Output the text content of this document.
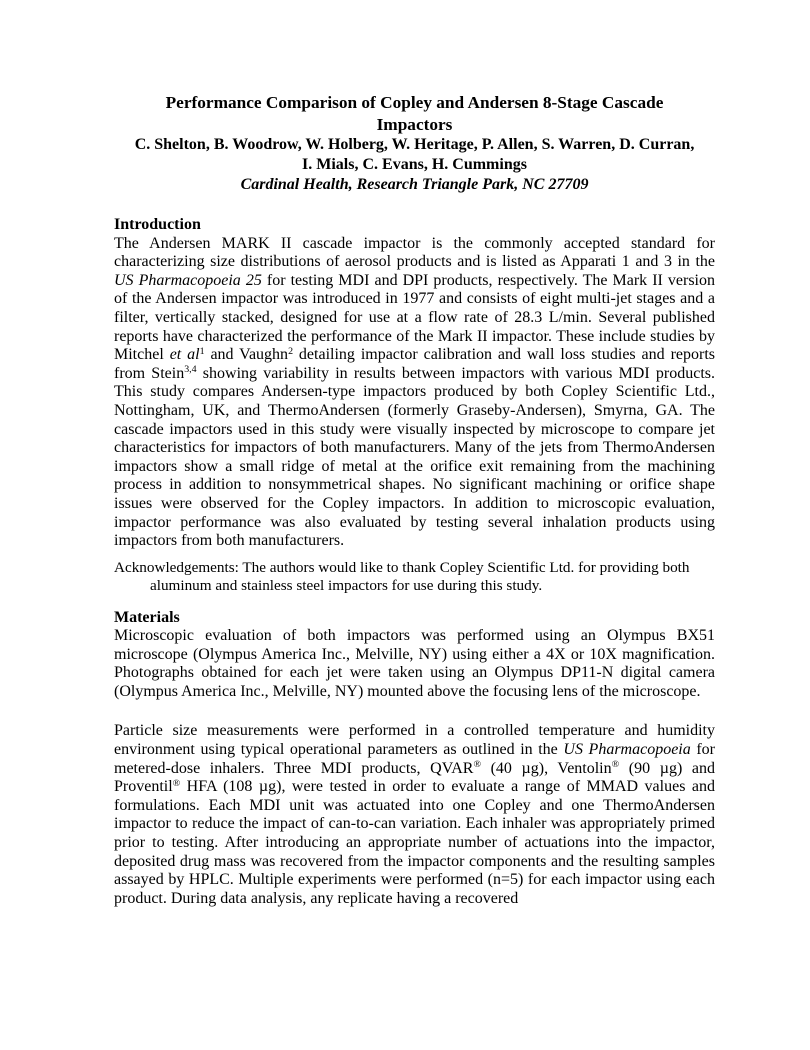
Performance Comparison of Copley and Andersen 8-Stage Cascade
Impactors
C. Shelton, B. Woodrow, W. Holberg, W. Heritage, P. Allen, S. Warren, D. Curran,
I. Mials, C. Evans, H. Cummings
Cardinal Health, Research Triangle Park, NC 27709
Introduction

The Andersen MARK II cascade impactor is the commonly accepted standard for characterizing size distributions of aerosol products and is listed as Apparati 1 and 3 in the US Pharmacopoeia 25 for testing MDI and DPI products, respectively. The Mark II version of the Andersen impactor was introduced in 1977 and consists of eight multi-jet stages and a filter, vertically stacked, designed for use at a flow rate of 28.3 L/min. Several published reports have characterized the performance of the Mark II impactor. These include studies by Mitchel et $al^1$ and Vaughn$^2$ detailing impactor calibration and wall loss studies and reports from Stein$^{3,4}$ showing variability in results between impactors with various MDI products. This study compares Andersen-type impactors produced by both Copley Scientific Ltd., Nottingham, UK, and ThermoAndersen (formerly Graseby-Andersen), Smyrna, GA. The cascade impactors used in this study were visually inspected by microscope to compare jet characteristics for impactors of both manufacturers. Many of the jets from ThermoAndersen impactors show a small ridge of metal at the orifice exit remaining from the machining process in addition to nonsymmetrical shapes. No significant machining or orifice shape issues were observed for the Copley impactors. In addition to microscopic evaluation, impactor performance was also evaluated by testing several inhalation products using impactors from both manufacturers.

Acknowledgements: The authors would like to thank Copley Scientific Ltd. for providing both aluminum and stainless steel impactors for use during this study.

Materials

Microscopic evaluation of both impactors was performed using an Olympus BX51 microscope (Olympus America Inc., Melville, NY) using either a 4X or 10X magnification. Photographs obtained for each jet were taken using an Olympus DP11-N digital camera (Olympus America Inc., Melville, NY) mounted above the focusing lens of the microscope.

Particle size measurements were performed in a controlled temperature and humidity environment using typical operational parameters as outlined in the US Pharmacopoeia for metered-dose inhalers. Three MDI products, QVAR® (40 µg), Ventolin® (90 µg) and Proventil® HFA (108 µg), were tested in order to evaluate a range of MMAD values and formulations. Each MDI unit was actuated into one Copley and one ThermoAndersen impactor to reduce the impact of can-to-can variation. Each inhaler was appropriately primed prior to testing. After introducing an appropriate number of actuations into the impactor, deposited drug mass was recovered from the impactor components and the resulting samples assayed by HPLC. Multiple experiments were performed (n=5) for each impactor using each product. During data analysis, any replicate having a recovered
